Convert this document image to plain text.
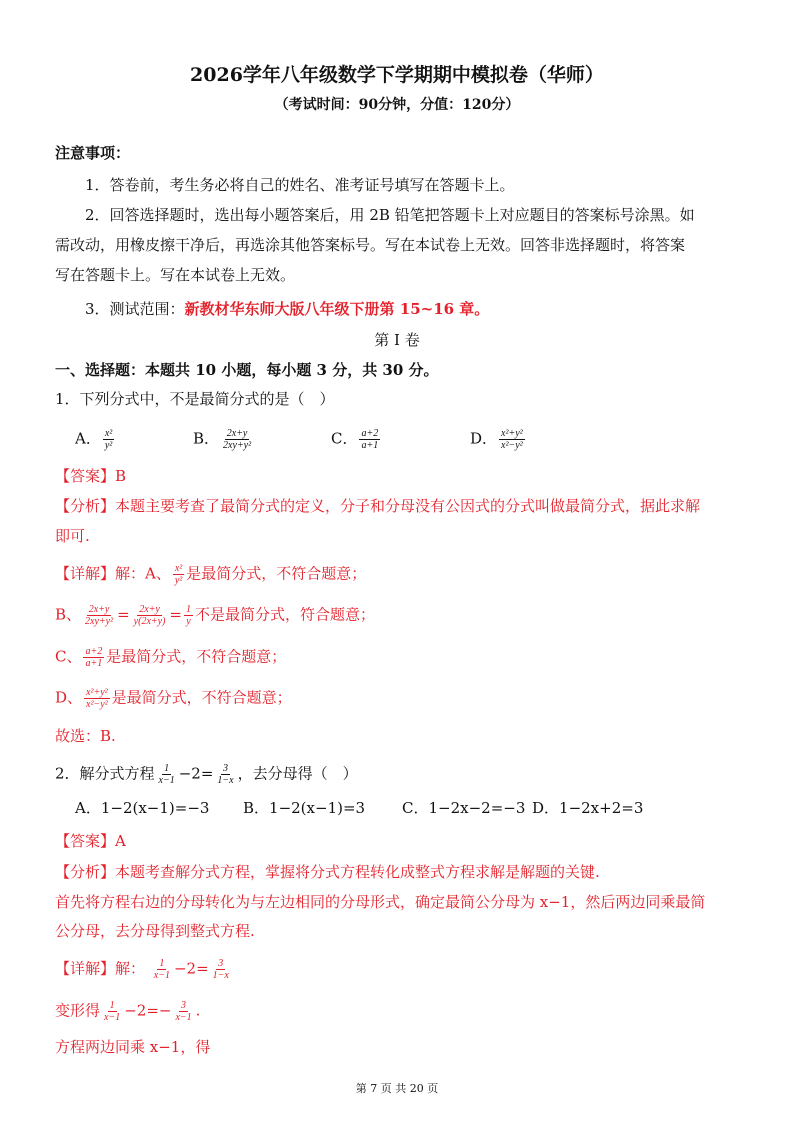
2026学年八年级数学下学期期中模拟卷（华师）
（考试时间：90分钟，分值：120分）
注意事项：
1．答卷前，考生务必将自己的姓名、准考证号填写在答题卡上。
2．回答选择题时，选出每小题答案后，用 2B 铅笔把答题卡上对应题目的答案标号涂黑。如
需改动，用橡皮擦干净后，再选涂其他答案标号。写在本试卷上无效。回答非选择题时，将答案
写在答题卡上。写在本试卷上无效。
3．测试范围：新教材华东师大版八年级下册第 15~16 章。
第 I 卷
一、选择题：本题共 10 小题，每小题 3 分，共 30 分。
1．下列分式中，不是最简分式的是（　）
A． $\frac{\text{x²}}{\text{y²}}$	B． $\frac{2x+y}{\text{2xy+y²}}$	C． $\frac{a+2}{a+1}$	D． $\frac{\text{x²+y²}}{\text{x²−y²}}$
【答案】B
【分析】本题主要考查了最简分式的定义，分子和分母没有公因式的分式叫做最简分式，据此求解
即可.
【详解】解：A、 $\frac{\text{x²}}{\text{y²}}$ 是最简分式，不符合题意；
B、 $\frac{2x+y}{\text{2xy+y²}} = \frac{2x+y}{y(2x+y)} = \frac{1}{y}$ 不是最简分式，符合题意；
C、 $\frac{a+2}{a+1}$ 是最简分式，不符合题意；
D、 $\frac{\text{x²+y²}}{\text{x²−y²}}$ 是最简分式，不符合题意；
故选：B.
2．解分式方程 $\frac{1}{x-1} -2= \frac{3}{1-x}$ ，去分母得（　）
A．1−2(x−1)=−3 B．1−2(x−1)=3 C．1−2x−2=−3 D．1−2x+2=3
【答案】A
【分析】本题考查解分式方程，掌握将分式方程转化成整式方程求解是解题的关键.
首先将方程右边的分母转化为与左边相同的分母形式，确定最简公分母为 x−1，然后两边同乘最简
公分母，去分母得到整式方程.
【详解】解： $\frac{1}{x-1} -2= \frac{3}{1-x}$
变形得 $\frac{1}{x-1} -2=- \frac{3}{x-1}$ .
方程两边同乘 x−1，得
第 7 页 共 20 页
